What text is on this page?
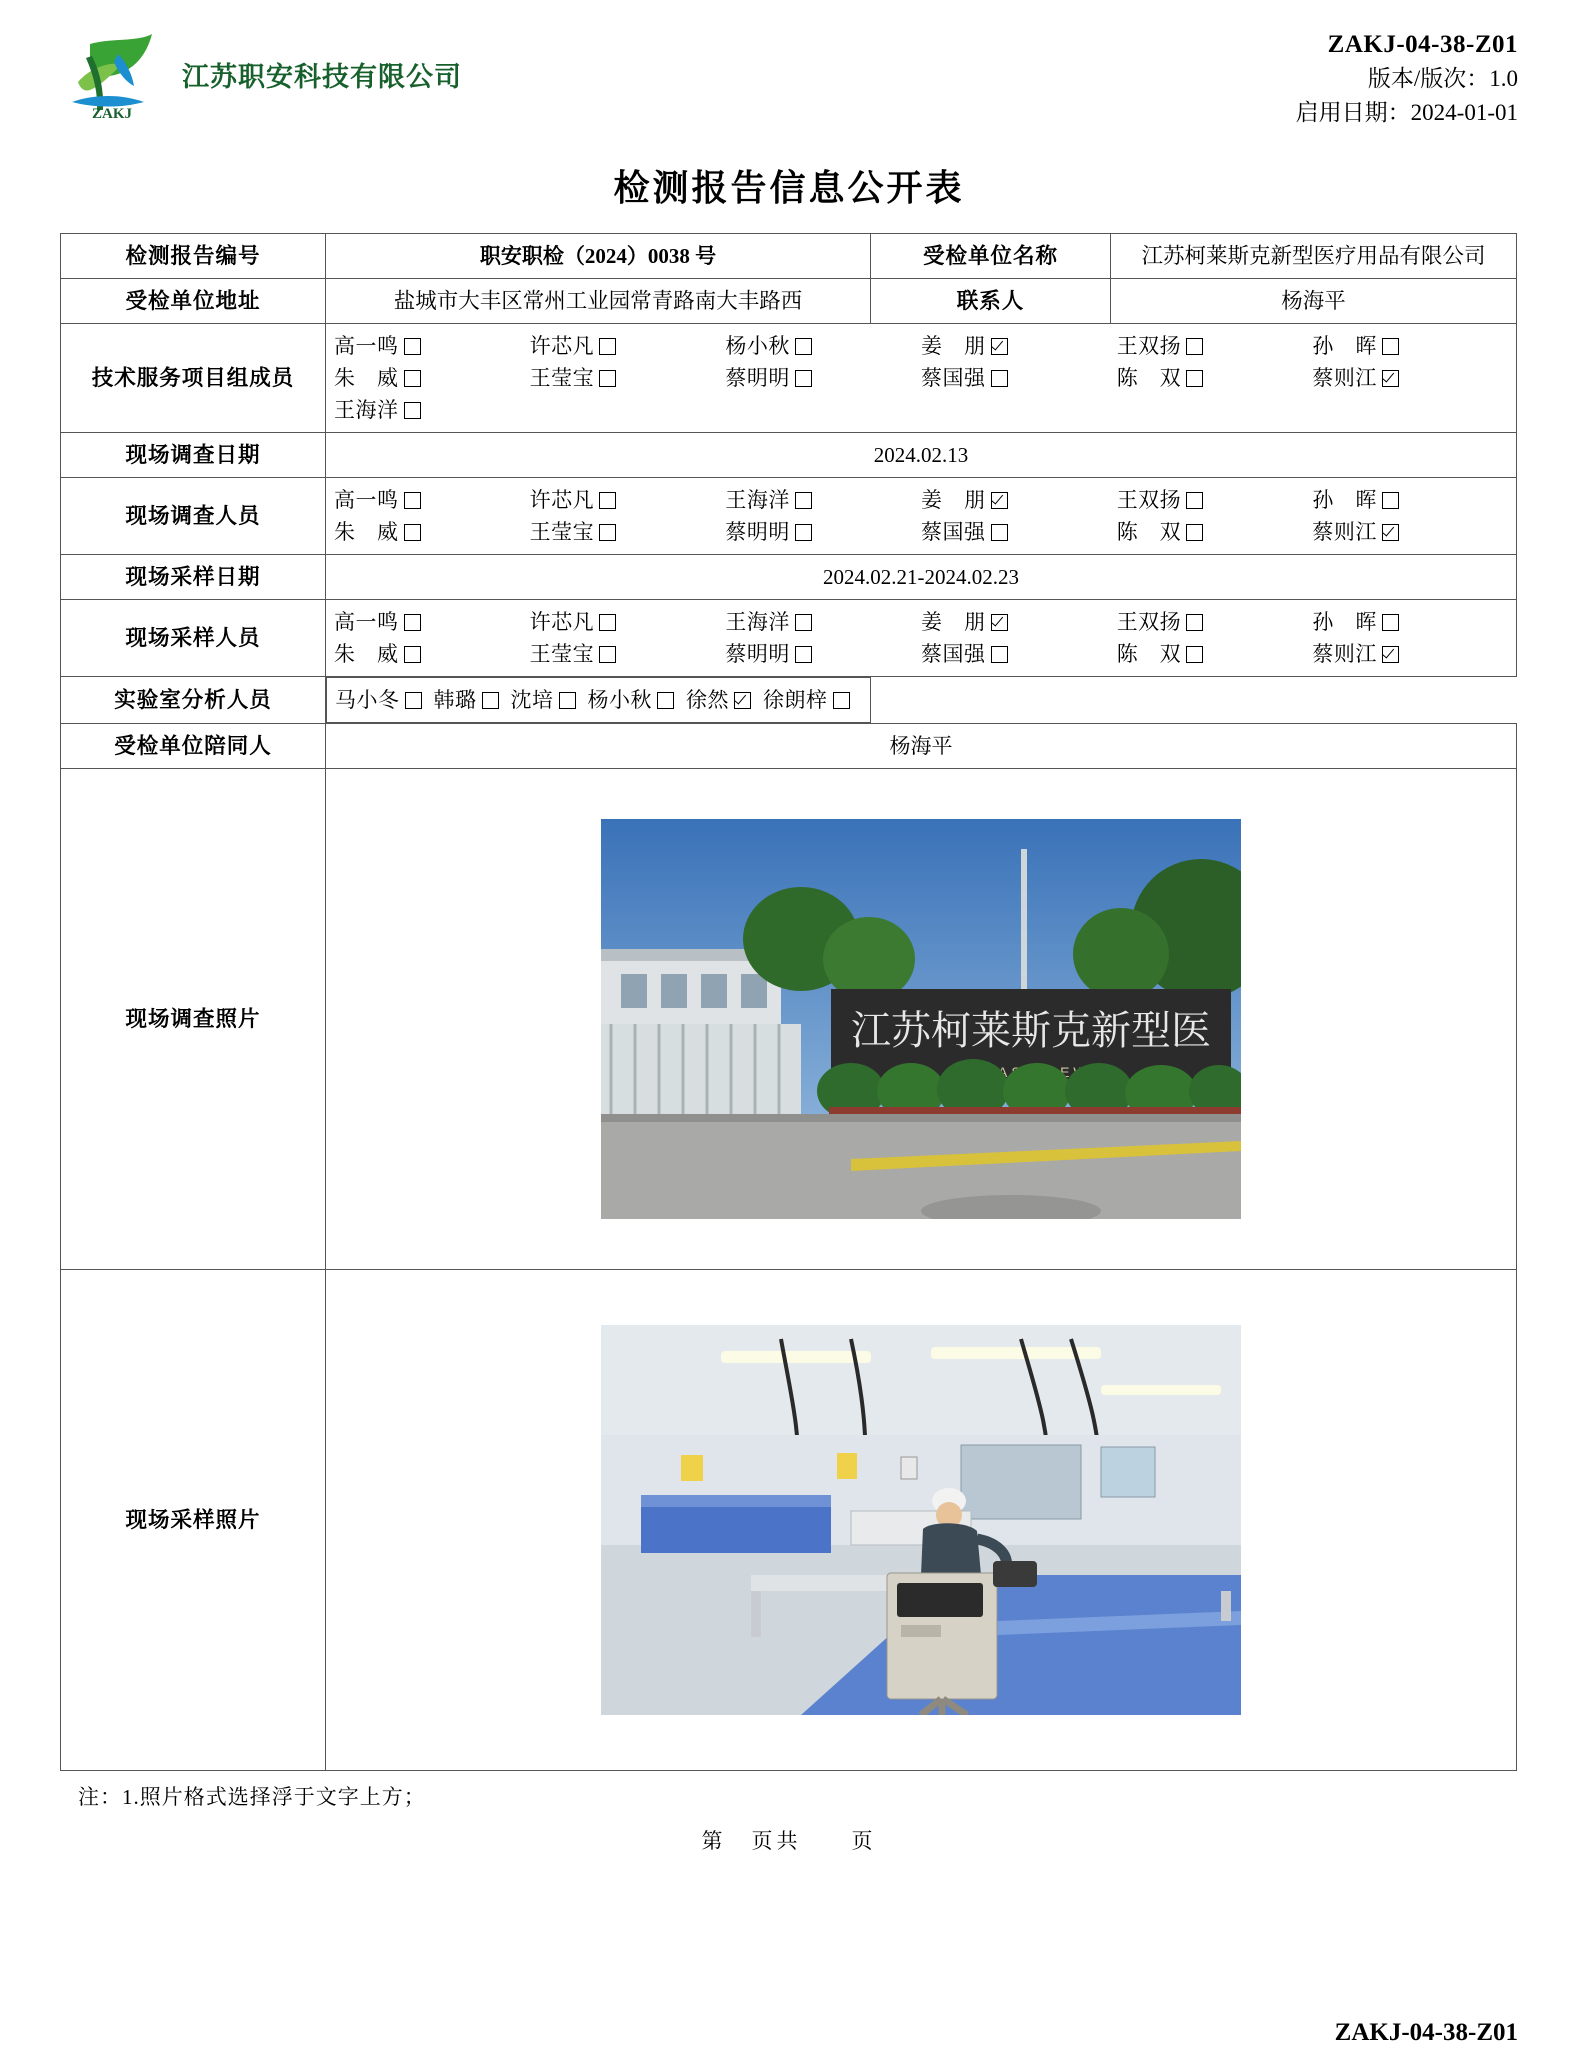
ZAKJ
江苏职安科技有限公司
ZAKJ-04-38-Z01
版本/版次：1.0
启用日期：2024-01-01
检测报告信息公开表
检测报告编号	职安职检（2024）0038 号	受检单位名称	江苏柯莱斯克新型医疗用品有限公司
受检单位地址	盐城市大丰区常州工业园常青路南大丰路西	联系人	杨海平
技术服务项目组成员	
高一鸣	许芯凡	杨小秋	姜　朋	王双扬	孙　晖
朱　威	王莹宝	蔡明明	蔡国强	陈　双	蔡则江
王海洋

现场调查日期	2024.02.13		
现场调查人员	
高一鸣	许芯凡	王海洋	姜　朋	王双扬	孙　晖
朱　威	王莹宝	蔡明明	蔡国强	陈　双	蔡则江

现场采样日期	2024.02.21-2024.02.23		
现场采样人员	
高一鸣	许芯凡	王海洋	姜　朋	王双扬	孙　晖
朱　威	王莹宝	蔡明明	蔡国强	陈　双	蔡则江

实验室分析人员		马小冬 韩璐 沈培 杨小秋 徐然 徐朗梓

受检单位陪同人	杨海平		
现场调查照片	江苏柯莱斯克新型医
GLASS NEW		

现场采样照片	
注：1.照片格式选择浮于文字上方；
第　页共　　页
ZAKJ-04-38-Z01
